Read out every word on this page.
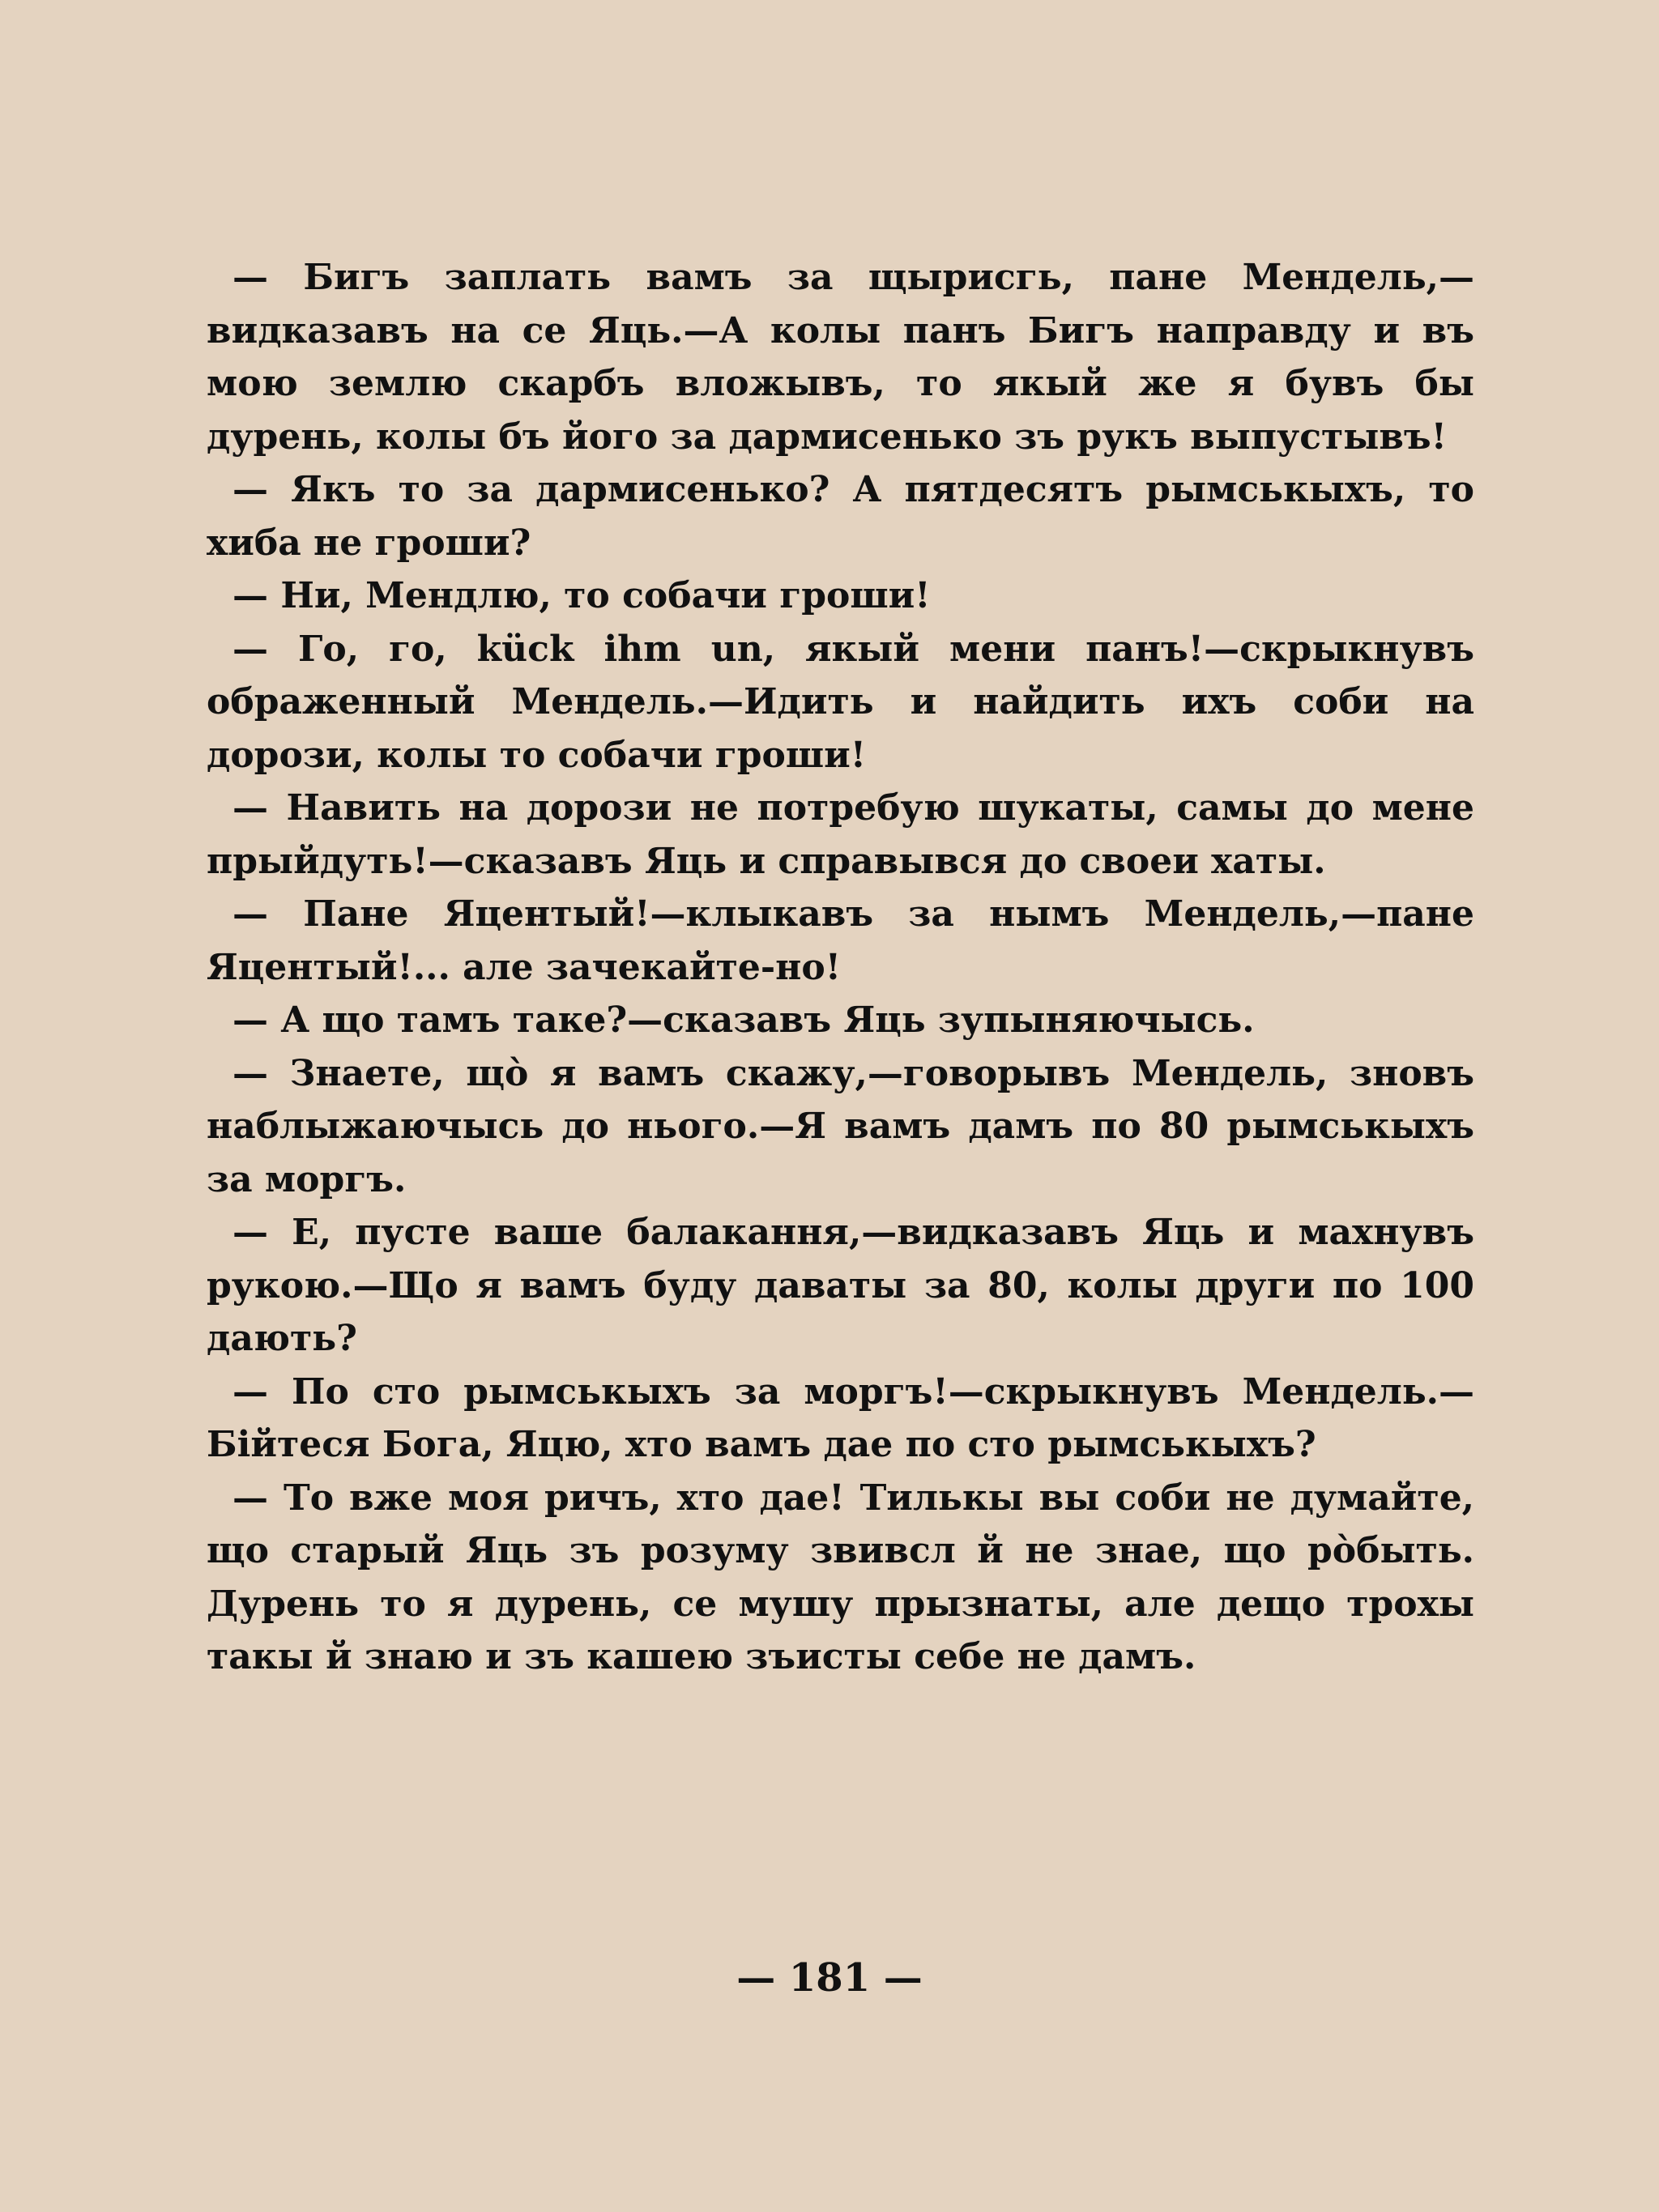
— Бигъ заплать вамъ за щырисгь, пане Мендель,— видказавъ на се Яць.—А колы панъ Бигъ направду и въ мою землю скарбъ вложывъ, то якый же я бувъ бы дурень, колы бъ його за дармисенько зъ рукъ выпустывъ!

— Якъ то за дармисенько? А пятдесятъ рымськыхъ, то хиба не гроши?

— Ни, Мендлю, то собачи гроши!

— Го, го, kück ihm un, якый мени панъ!—скрыкнувъ ображенный Мендель.—Идить и найдить ихъ соби на дорози, колы то собачи гроши!

— Навить на дорози не потребую шукаты, самы до мене прыйдуть!—сказавъ Яць и справывся до своеи хаты.

— Пане Яцентый!—клыкавъ за нымъ Мендель,—пане Яцентый!... але зачекайте-но!

— А що тамъ таке?—сказавъ Яць зупыняючысь.

— Знаете, щò я вамъ скажу,—говорывъ Мендель, зновъ наблыжаючысь до нього.—Я вамъ дамъ по 80 рымськыхъ за моргъ.

— Е, пусте ваше балакання,—видказавъ Яць и махнувъ рукою.—Що я вамъ буду даваты за 80, колы други по 100 дають?

— По сто рымськыхъ за моргъ!—скрыкнувъ Мендель.—Бійтеся Бога, Яцю, хто вамъ дае по сто рымськыхъ?

— То вже моя ричъ, хто дае! Тилькы вы соби не думайте, що старый Яць зъ розуму звивсл й не знае, що рòбыть. Дурень то я дурень, се мушу прызнаты, але дещо трохы такы й знаю и зъ кашею зъисты себе не дамъ.

— 181 —
